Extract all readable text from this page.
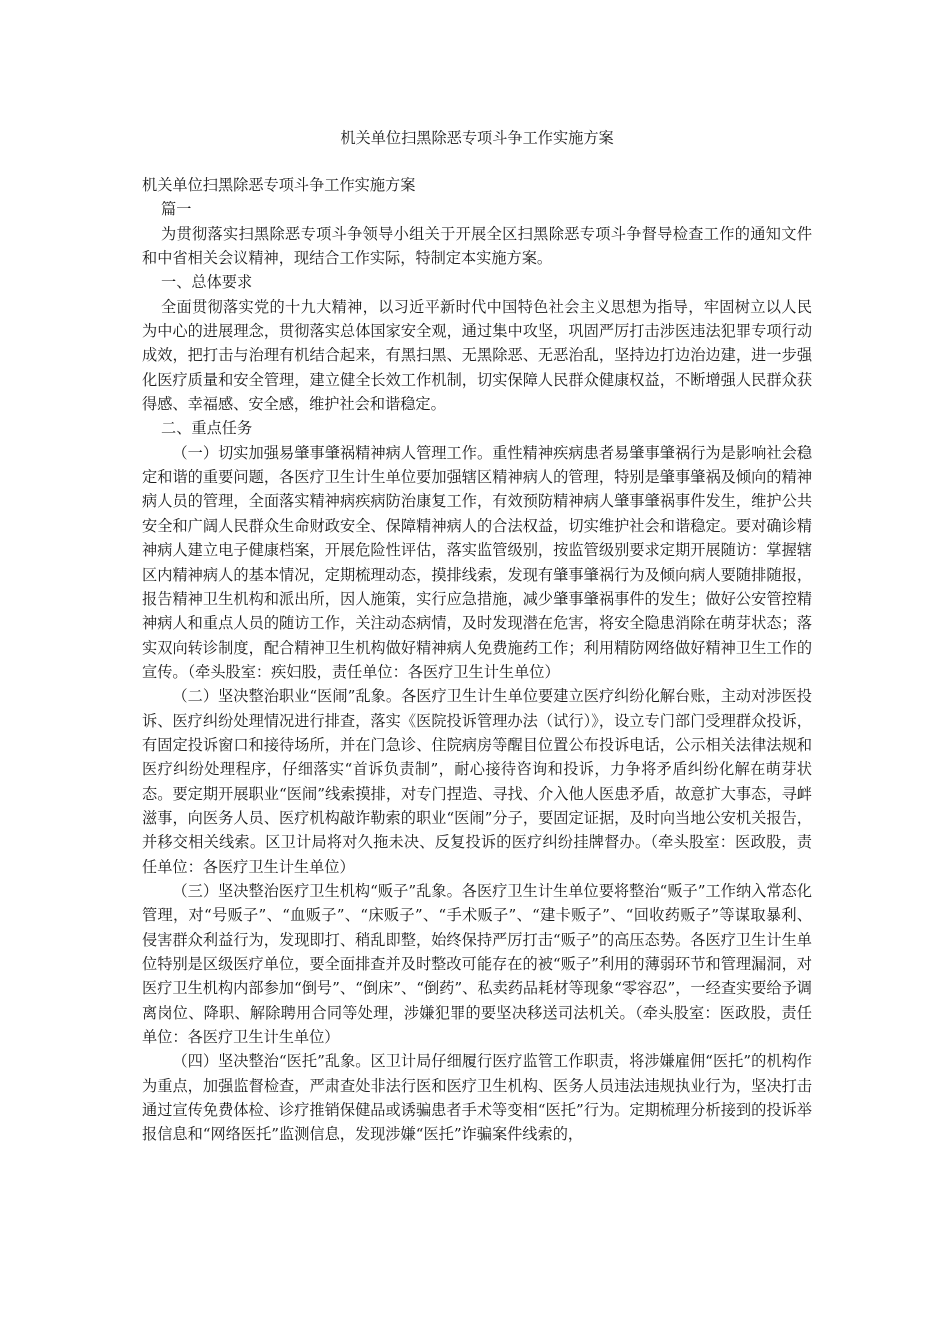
机关单位扫黑除恶专项斗争工作实施方案

机关单位扫黑除恶专项斗争工作实施方案

篇一

为贯彻落实扫黑除恶专项斗争领导小组关于开展全区扫黑除恶专项斗争督导检查工作的通知文件和中省相关会议精神，现结合工作实际，特制定本实施方案。

一、总体要求

全面贯彻落实党的十九大精神，以习近平新时代中国特色社会主义思想为指导，牢固树立以人民为中心的进展理念，贯彻落实总体国家安全观，通过集中攻坚，巩固严厉打击涉医违法犯罪专项行动成效，把打击与治理有机结合起来，有黑扫黑、无黑除恶、无恶治乱，坚持边打边治边建，进一步强化医疗质量和安全管理，建立健全长效工作机制，切实保障人民群众健康权益，不断增强人民群众获得感、幸福感、安全感，维护社会和谐稳定。

二、重点任务

（一）切实加强易肇事肇祸精神病人管理工作。重性精神疾病患者易肇事肇祸行为是影响社会稳定和谐的重要问题，各医疗卫生计生单位要加强辖区精神病人的管理，特别是肇事肇祸及倾向的精神病人员的管理，全面落实精神病疾病防治康复工作，有效预防精神病人肇事肇祸事件发生，维护公共安全和广阔人民群众生命财政安全、保障精神病人的合法权益，切实维护社会和谐稳定。要对确诊精神病人建立电子健康档案，开展危险性评估，落实监管级别，按监管级别要求定期开展随访：掌握辖区内精神病人的基本情况，定期梳理动态，摸排线索，发现有肇事肇祸行为及倾向病人要随排随报，报告精神卫生机构和派出所，因人施策，实行应急措施，减少肇事肇祸事件的发生；做好公安管控精神病人和重点人员的随访工作，关注动态病情，及时发现潜在危害，将安全隐患消除在萌芽状态；落实双向转诊制度，配合精神卫生机构做好精神病人免费施药工作；利用精防网络做好精神卫生工作的宣传。（牵头股室：疾妇股，责任单位：各医疗卫生计生单位）

（二）坚决整治职业“医闹”乱象。各医疗卫生计生单位要建立医疗纠纷化解台账，主动对涉医投诉、医疗纠纷处理情况进行排查，落实《医院投诉管理办法（试行）》，设立专门部门受理群众投诉，有固定投诉窗口和接待场所，并在门急诊、住院病房等醒目位置公布投诉电话，公示相关法律法规和医疗纠纷处理程序，仔细落实“首诉负责制”，耐心接待咨询和投诉，力争将矛盾纠纷化解在萌芽状态。要定期开展职业“医闹”线索摸排，对专门捏造、寻找、介入他人医患矛盾，故意扩大事态，寻衅滋事，向医务人员、医疗机构敲诈勒索的职业“医闹”分子，要固定证据，及时向当地公安机关报告，并移交相关线索。区卫计局将对久拖未决、反复投诉的医疗纠纷挂牌督办。（牵头股室：医政股，责任单位：各医疗卫生计生单位）

（三）坚决整治医疗卫生机构“贩子”乱象。各医疗卫生计生单位要将整治“贩子”工作纳入常态化管理，对“号贩子”、“血贩子”、“床贩子”、“手术贩子”、“建卡贩子”、“回收药贩子”等谋取暴利、侵害群众利益行为，发现即打、稍乱即整，始终保持严厉打击“贩子”的高压态势。各医疗卫生计生单位特别是区级医疗单位，要全面排查并及时整改可能存在的被“贩子”利用的薄弱环节和管理漏洞，对医疗卫生机构内部参加“倒号”、“倒床”、“倒药”、私卖药品耗材等现象“零容忍”，一经查实要给予调离岗位、降职、解除聘用合同等处理，涉嫌犯罪的要坚决移送司法机关。（牵头股室：医政股，责任单位：各医疗卫生计生单位）

（四）坚决整治“医托”乱象。区卫计局仔细履行医疗监管工作职责，将涉嫌雇佣“医托”的机构作为重点，加强监督检查，严肃查处非法行医和医疗卫生机构、医务人员违法违规执业行为，坚决打击通过宣传免费体检、诊疗推销保健品或诱骗患者手术等变相“医托”行为。定期梳理分析接到的投诉举报信息和“网络医托”监测信息，发现涉嫌“医托”诈骗案件线索的，
